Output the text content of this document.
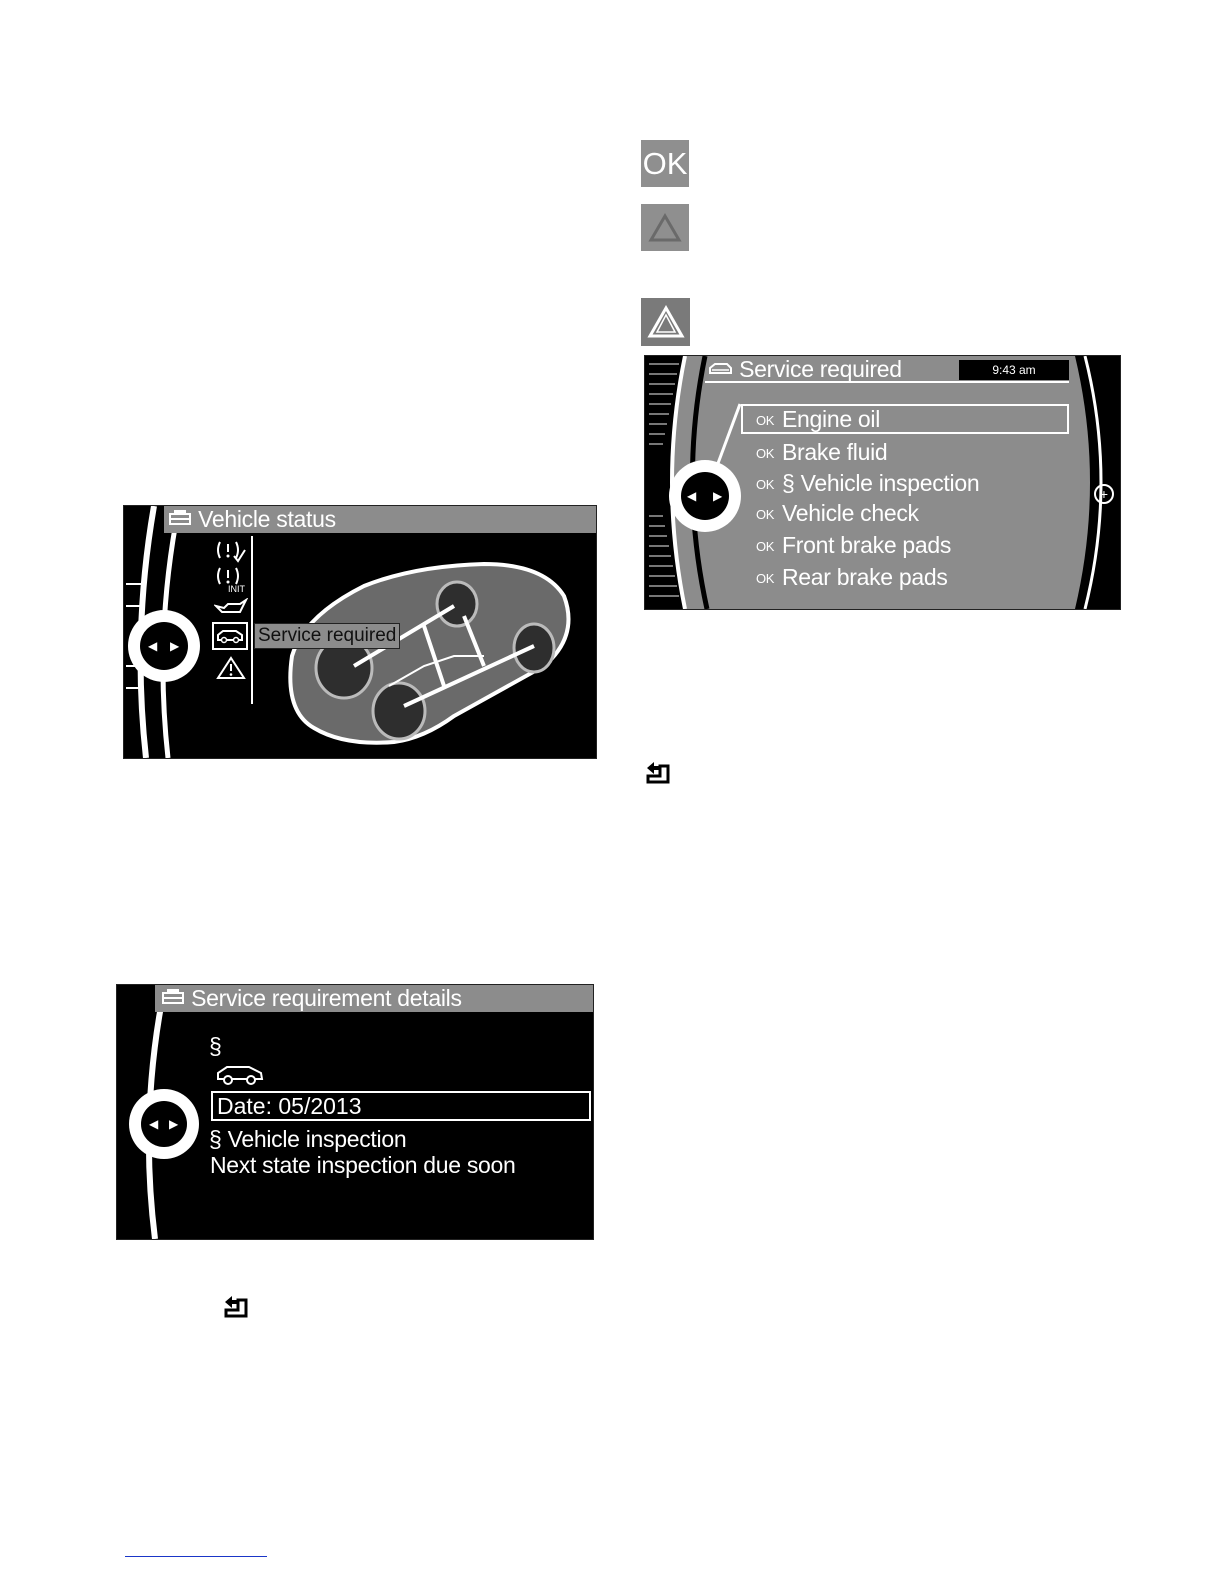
OK
Vehicle status
INIT
Service required
◀ ▶
Service required	9:43 am
◀ ▶	+
OK Engine oil
OK Brake fluid
OK § Vehicle inspection
OK Vehicle check
OK Front brake pads
OK Rear brake pads
Service requirement details
§
Date: 05/2013
§ Vehicle inspection
Next state inspection due soon
◀ ▶
